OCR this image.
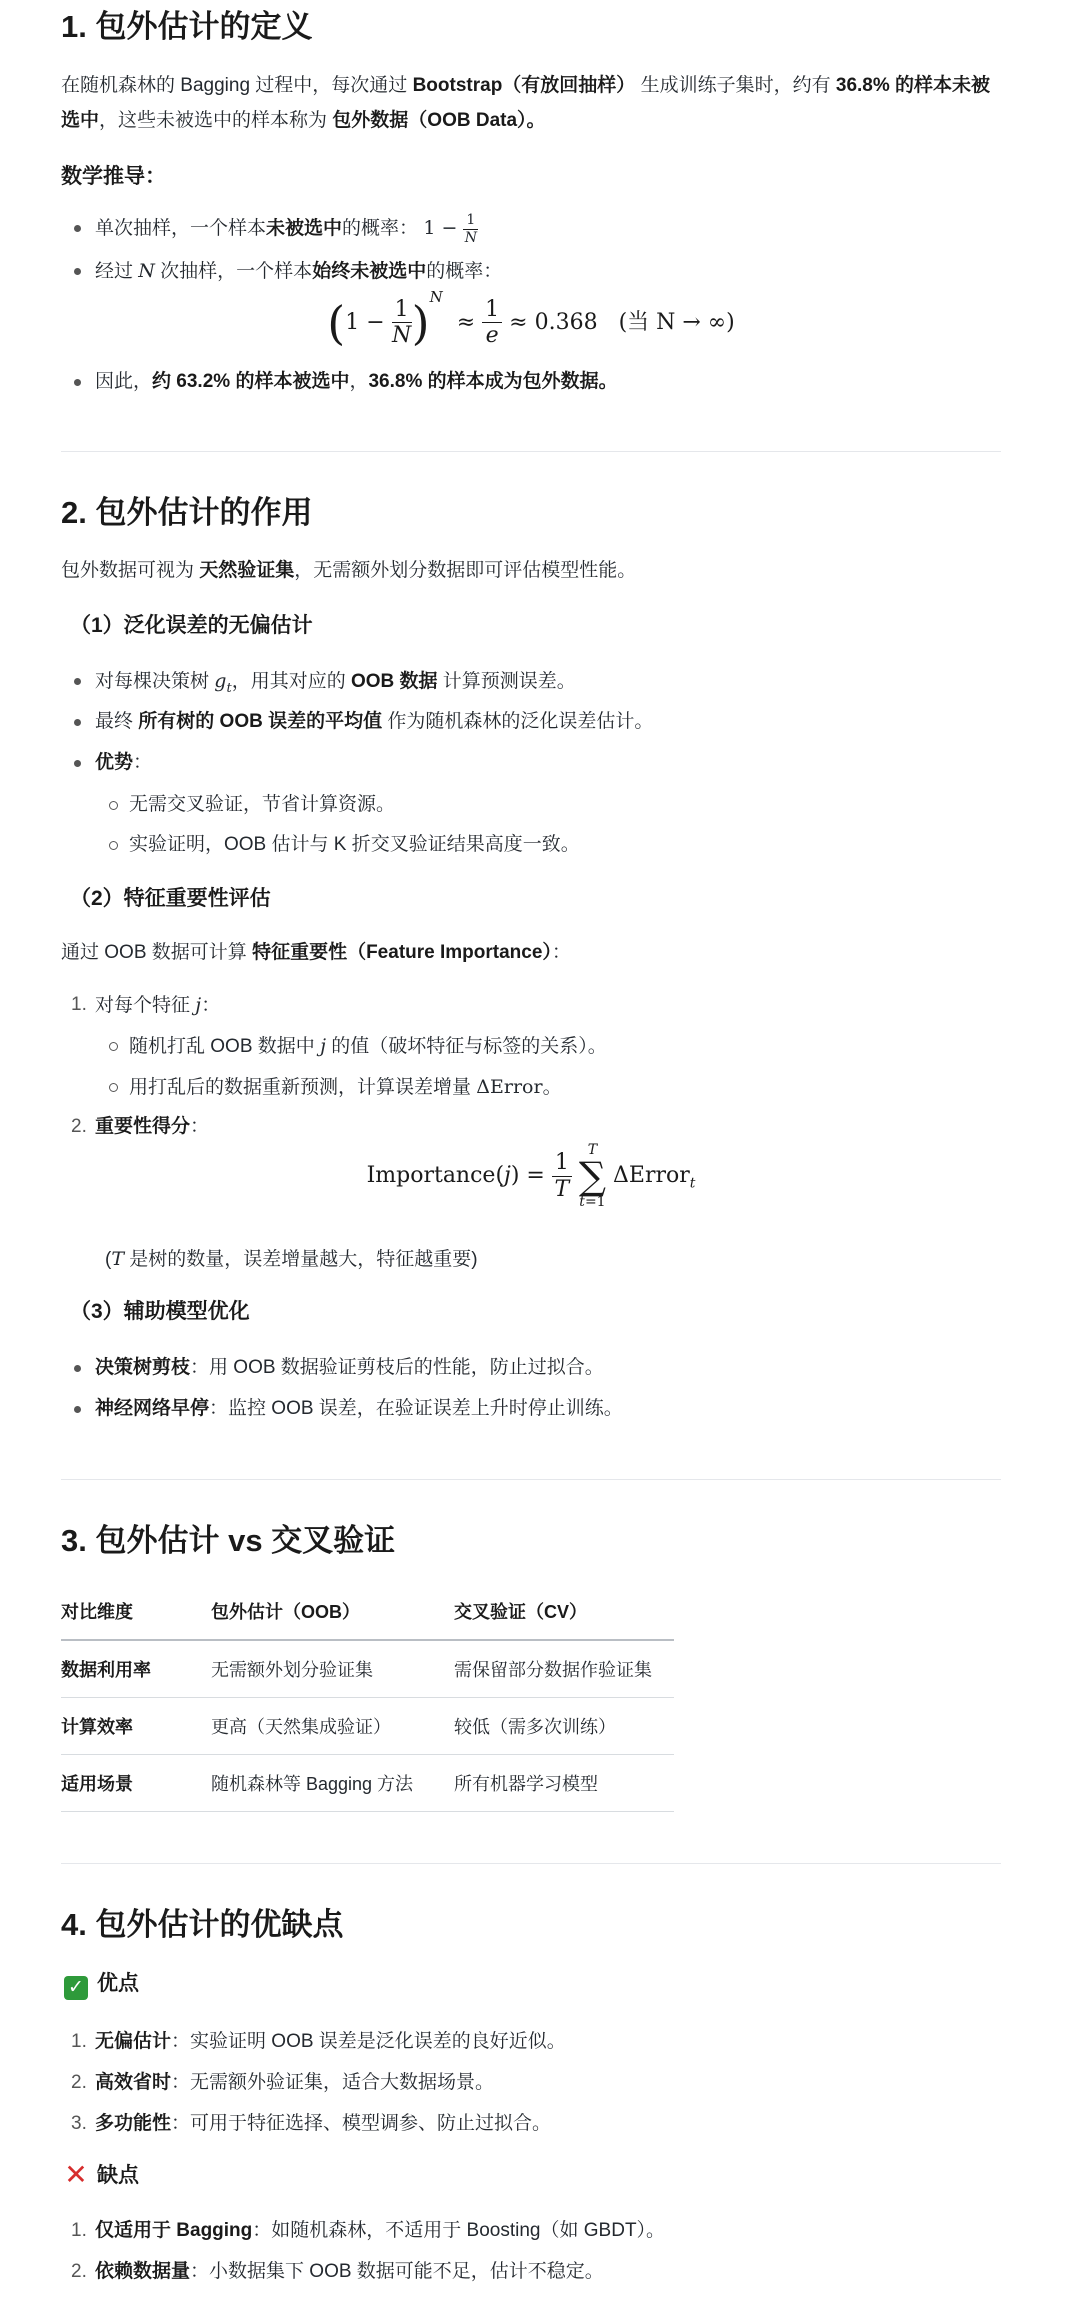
1. 包外估计的定义

在随机森林的 Bagging 过程中，每次通过 Bootstrap（有放回抽样） 生成训练子集时，约有 36.8% 的样本未被选中，这些未被选中的样本称为 包外数据（OOB Data）。

数学推导：
单次抽样，一个样本未被选中的概率： $1 - \frac{1}{N}$
经过 N 次抽样，一个样本始终未被选中的概率：
$(1 - \frac{1}{N} )^N \approx \frac{1}{e} \approx 0.368$ (当 N → ∞)
因此，约 63.2% 的样本被选中，36.8% 的样本成为包外数据。
2. 包外估计的作用

包外数据可视为 天然验证集，无需额外划分数据即可评估模型性能。

（1）泛化误差的无偏估计
对每棵决策树 $g_t$，用其对应的 OOB 数据 计算预测误差。
最终 所有树的 OOB 误差的平均值 作为随机森林的泛化误差估计。
优势：
无需交叉验证，节省计算资源。
实验证明，OOB 估计与 K 折交叉验证结果高度一致。
（2）特征重要性评估

通过 OOB 数据可计算 特征重要性（Feature Importance）：

1. 对每个特征 j：
随机打乱 OOB 数据中 j 的值（破坏特征与标签的关系）。
用打乱后的数据重新预测，计算误差增量 ΔError。
2. 重要性得分：
Importance(j) = $\frac{1}{T}$

T
∑
t=1
ΔError$_t$
(T 是树的数量，误差增量越大，特征越重要)
（3）辅助模型优化
决策树剪枝：用 OOB 数据验证剪枝后的性能，防止过拟合。
神经网络早停：监控 OOB 误差，在验证误差上升时停止训练。
3. 包外估计 vs 交叉验证
对比维度	包外估计（OOB）	交叉验证（CV）
数据利用率	无需额外划分验证集	需保留部分数据作验证集
计算效率	更高（天然集成验证）	较低（需多次训练）
适用场景	随机森林等 Bagging 方法	所有机器学习模型
4. 包外估计的优缺点
✓ 优点
1. 无偏估计：实验证明 OOB 误差是泛化误差的良好近似。
2. 高效省时：无需额外验证集，适合大数据场景。
3. 多功能性：可用于特征选择、模型调参、防止过拟合。
✕ 缺点
1. 仅适用于 Bagging：如随机森林，不适用于 Boosting（如 GBDT）。
2. 依赖数据量：小数据集下 OOB 数据可能不足，估计不稳定。
